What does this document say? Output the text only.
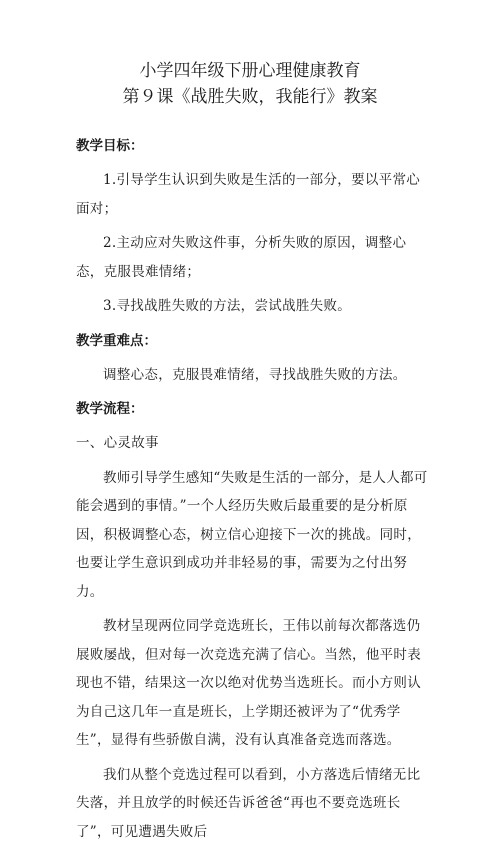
小学四年级下册心理健康教育
第９课《战胜失败，我能行》教案

教学目标：

1.引导学生认识到失败是生活的一部分，要以平常心面对；

2.主动应对失败这件事，分析失败的原因，调整心态，克服畏难情绪；

3.寻找战胜失败的方法，尝试战胜失败。

教学重难点：

调整心态，克服畏难情绪，寻找战胜失败的方法。

教学流程：

一、心灵故事

教师引导学生感知“失败是生活的一部分，是人人都可能会遇到的事情。”一个人经历失败后最重要的是分析原因，积极调整心态，树立信心迎接下一次的挑战。同时，也要让学生意识到成功并非轻易的事，需要为之付出努力。

教材呈现两位同学竞选班长，王伟以前每次都落选仍展败屡战，但对每一次竞选充满了信心。当然，他平时表现也不错，结果这一次以绝对优势当选班长。而小方则认为自己这几年一直是班长，上学期还被评为了“优秀学生”，显得有些骄傲自满，没有认真准备竞选而落选。

我们从整个竞选过程可以看到，小方落选后情绪无比失落，并且放学的时候还告诉爸爸“再也不要竞选班长了”，可见遭遇失败后
